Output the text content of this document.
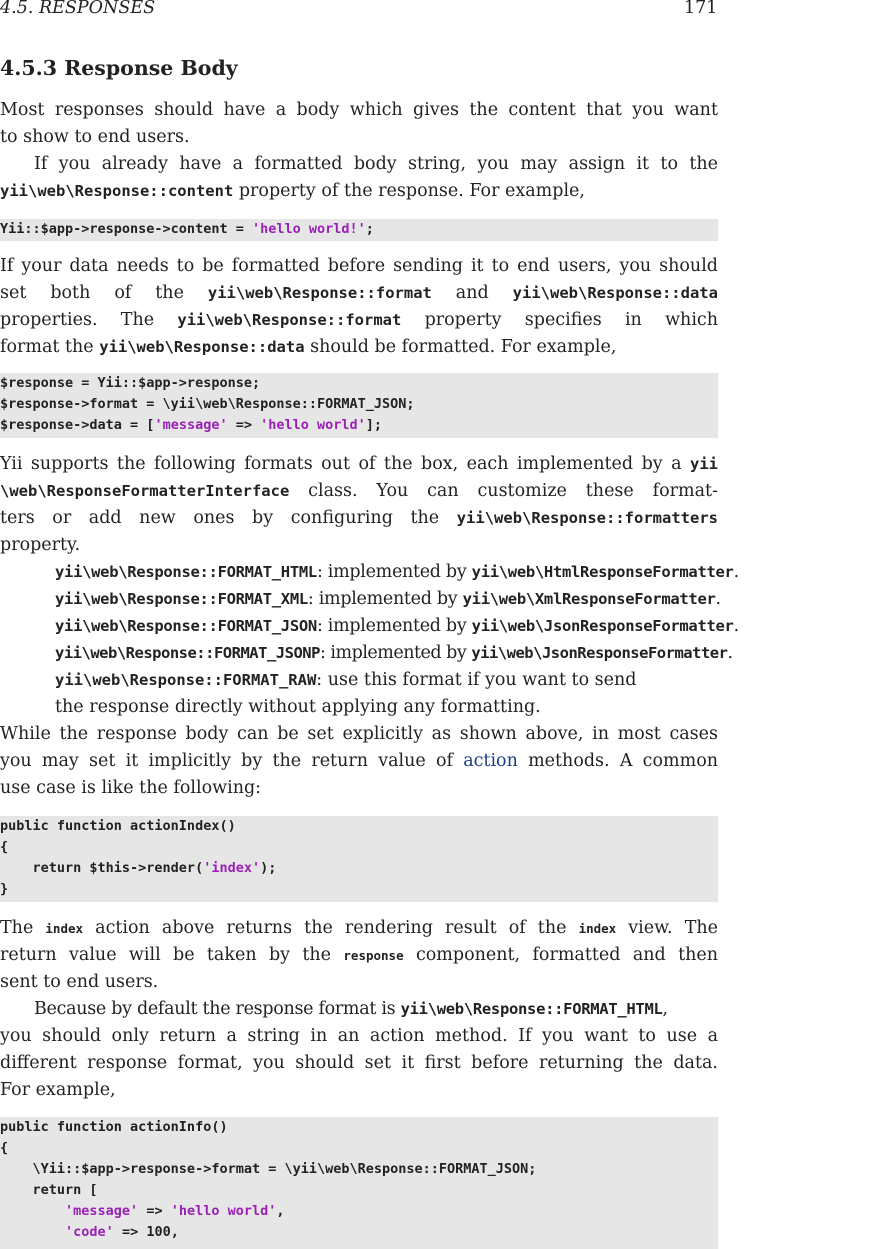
4.5. RESPONSES	171
4.5.3 Response Body
Most responses should have a body which gives the content that you want
to show to end users.
If you already have a formatted body string, you may assign it to the
yii\web\Response::content property of the response. For example,
Yii::$app->response->content = 'hello world!';
If your data needs to be formatted before sending it to end users, you should
set both of the yii\web\Response::format and yii\web\Response::data
properties. The yii\web\Response::format property specifies in which
format the yii\web\Response::data should be formatted. For example,
$response = Yii::$app->response;
$response->format = \yii\web\Response::FORMAT_JSON;
$response->data = ['message' => 'hello world'];
Yii supports the following formats out of the box, each implemented by a yii
\web\ResponseFormatterInterface class. You can customize these format-
ters or add new ones by configuring the yii\web\Response::formatters
property.
yii\web\Response::FORMAT_HTML: implemented by yii\web\HtmlResponseFormatter.
yii\web\Response::FORMAT_XML: implemented by yii\web\XmlResponseFormatter.
yii\web\Response::FORMAT_JSON: implemented by yii\web\JsonResponseFormatter.
yii\web\Response::FORMAT_JSONP: implemented by yii\web\JsonResponseFormatter.
yii\web\Response::FORMAT_RAW: use this format if you want to send
the response directly without applying any formatting.
While the response body can be set explicitly as shown above, in most cases
you may set it implicitly by the return value of action methods. A common
use case is like the following:
public function actionIndex()
{
return $this->render('index');
}
The index action above returns the rendering result of the index view. The
return value will be taken by the response component, formatted and then
sent to end users.
Because by default the response format is yii\web\Response::FORMAT_HTML,
you should only return a string in an action method. If you want to use a
different response format, you should set it first before returning the data.
For example,
public function actionInfo()
{
\Yii::$app->response->format = \yii\web\Response::FORMAT_JSON;
return [
'message' => 'hello world',
'code' => 100,
